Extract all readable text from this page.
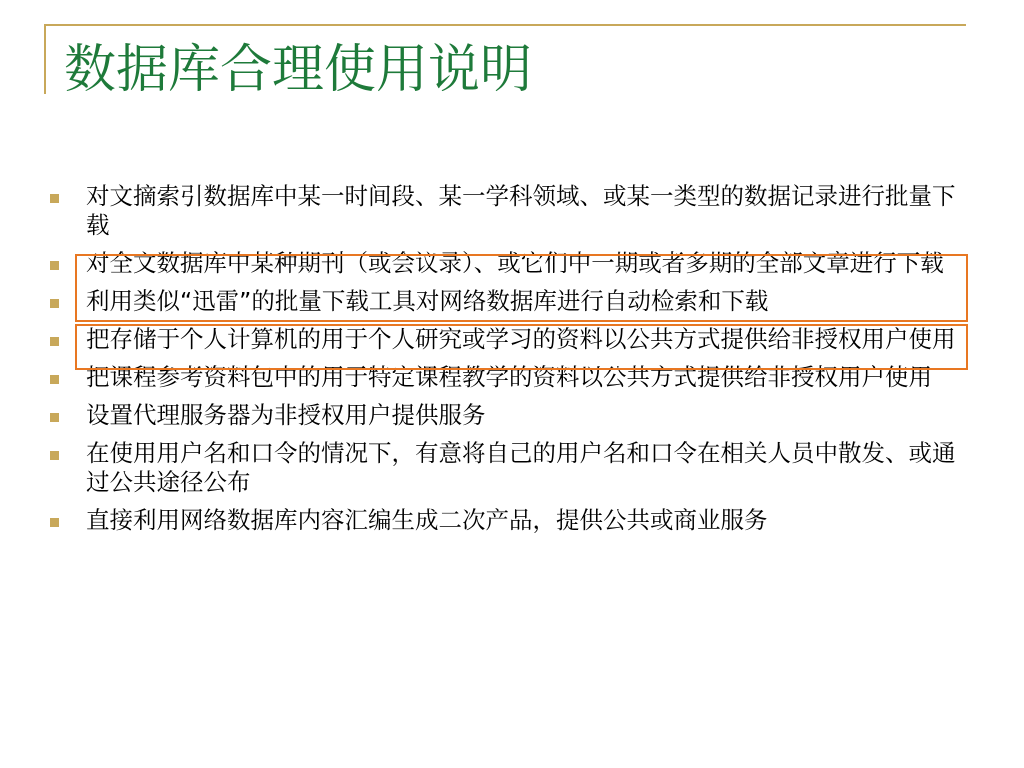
数据库合理使用说明
对文摘索引数据库中某一时间段、某一学科领域、或某一类型的数据记录进行批量下载
对全文数据库中某种期刊（或会议录）、或它们中一期或者多期的全部文章进行下载
利用类似“迅雷”的批量下载工具对网络数据库进行自动检索和下载
把存储于个人计算机的用于个人研究或学习的资料以公共方式提供给非授权用户使用
把课程参考资料包中的用于特定课程教学的资料以公共方式提供给非授权用户使用
设置代理服务器为非授权用户提供服务
在使用用户名和口令的情况下，有意将自己的用户名和口令在相关人员中散发、或通过公共途径公布
直接利用网络数据库内容汇编生成二次产品，提供公共或商业服务
